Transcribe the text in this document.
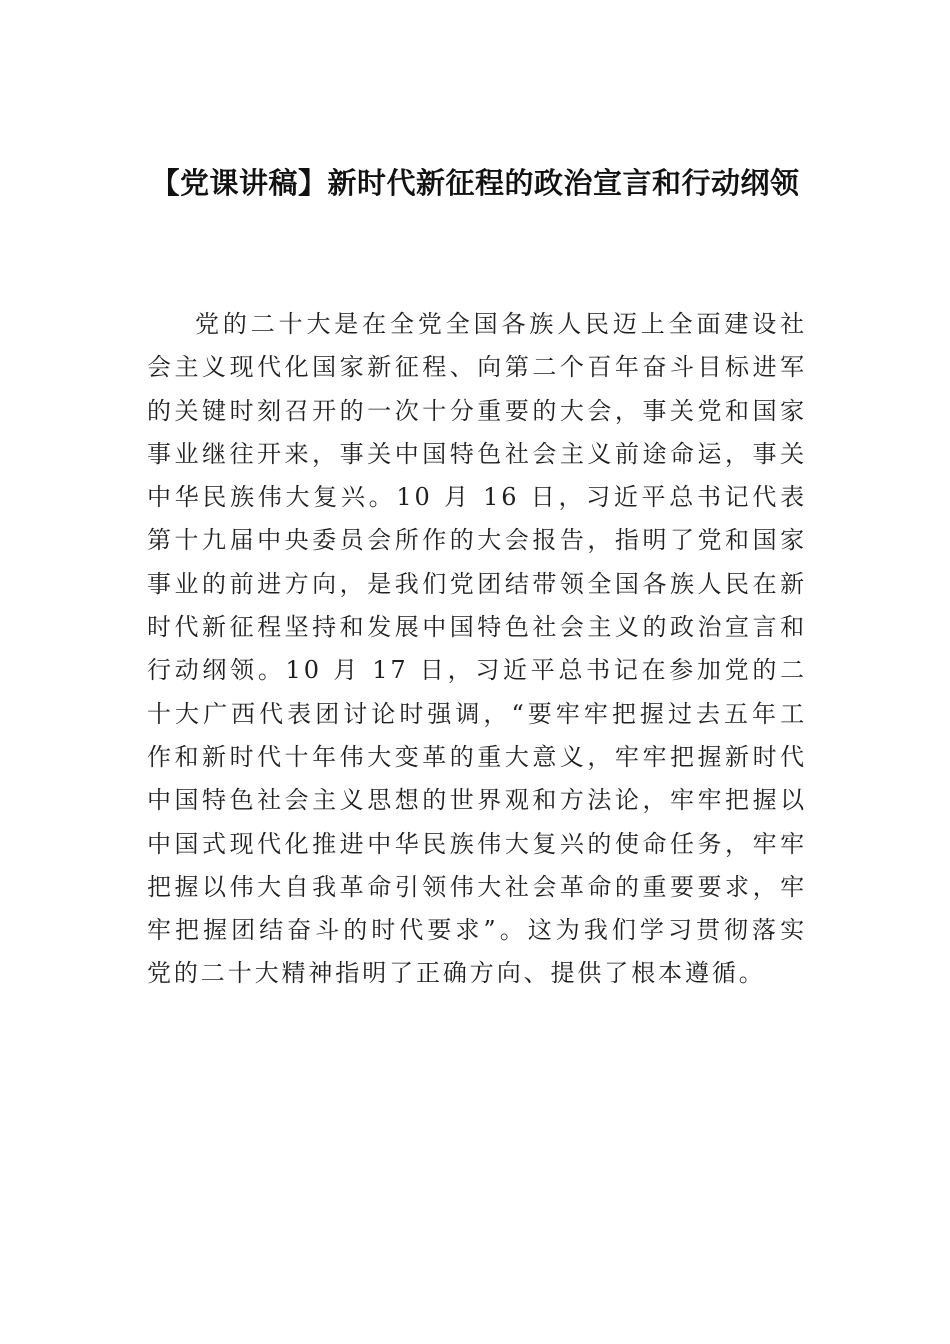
【党课讲稿】新时代新征程的政治宣言和行动纲领

党的二十大是在全党全国各族人民迈上全面建设社会主义现代化国家新征程、向第二个百年奋斗目标进军的关键时刻召开的一次十分重要的大会，事关党和国家事业继往开来，事关中国特色社会主义前途命运，事关中华民族伟大复兴。10 月 16 日，习近平总书记代表第十九届中央委员会所作的大会报告，指明了党和国家事业的前进方向，是我们党团结带领全国各族人民在新时代新征程坚持和发展中国特色社会主义的政治宣言和行动纲领。10 月 17 日，习近平总书记在参加党的二十大广西代表团讨论时强调，“要牢牢把握过去五年工作和新时代十年伟大变革的重大意义，牢牢把握新时代中国特色社会主义思想的世界观和方法论，牢牢把握以中国式现代化推进中华民族伟大复兴的使命任务，牢牢把握以伟大自我革命引领伟大社会革命的重要要求，牢牢把握团结奋斗的时代要求”。这为我们学习贯彻落实党的二十大精神指明了正确方向、提供了根本遵循。
